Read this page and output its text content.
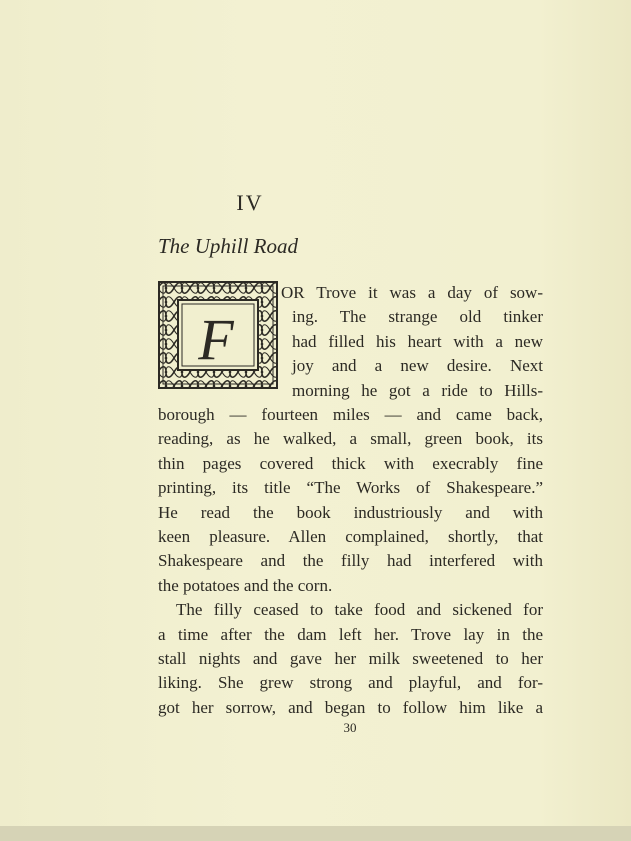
IV
The Uphill Road
F
OR Trove it was a day of sow-
ing. The strange old tinker
had filled his heart with a new
joy and a new desire. Next
morning he got a ride to Hills-
borough — fourteen miles — and came back,
reading, as he walked, a small, green book, its
thin pages covered thick with execrably fine
printing, its title “The Works of Shakespeare.”
He read the book industriously and with
keen pleasure. Allen complained, shortly, that
Shakespeare and the filly had interfered with
the potatoes and the corn.
The filly ceased to take food and sickened for
a time after the dam left her. Trove lay in the
stall nights and gave her milk sweetened to her
liking. She grew strong and playful, and for-
got her sorrow, and began to follow him like a
30
